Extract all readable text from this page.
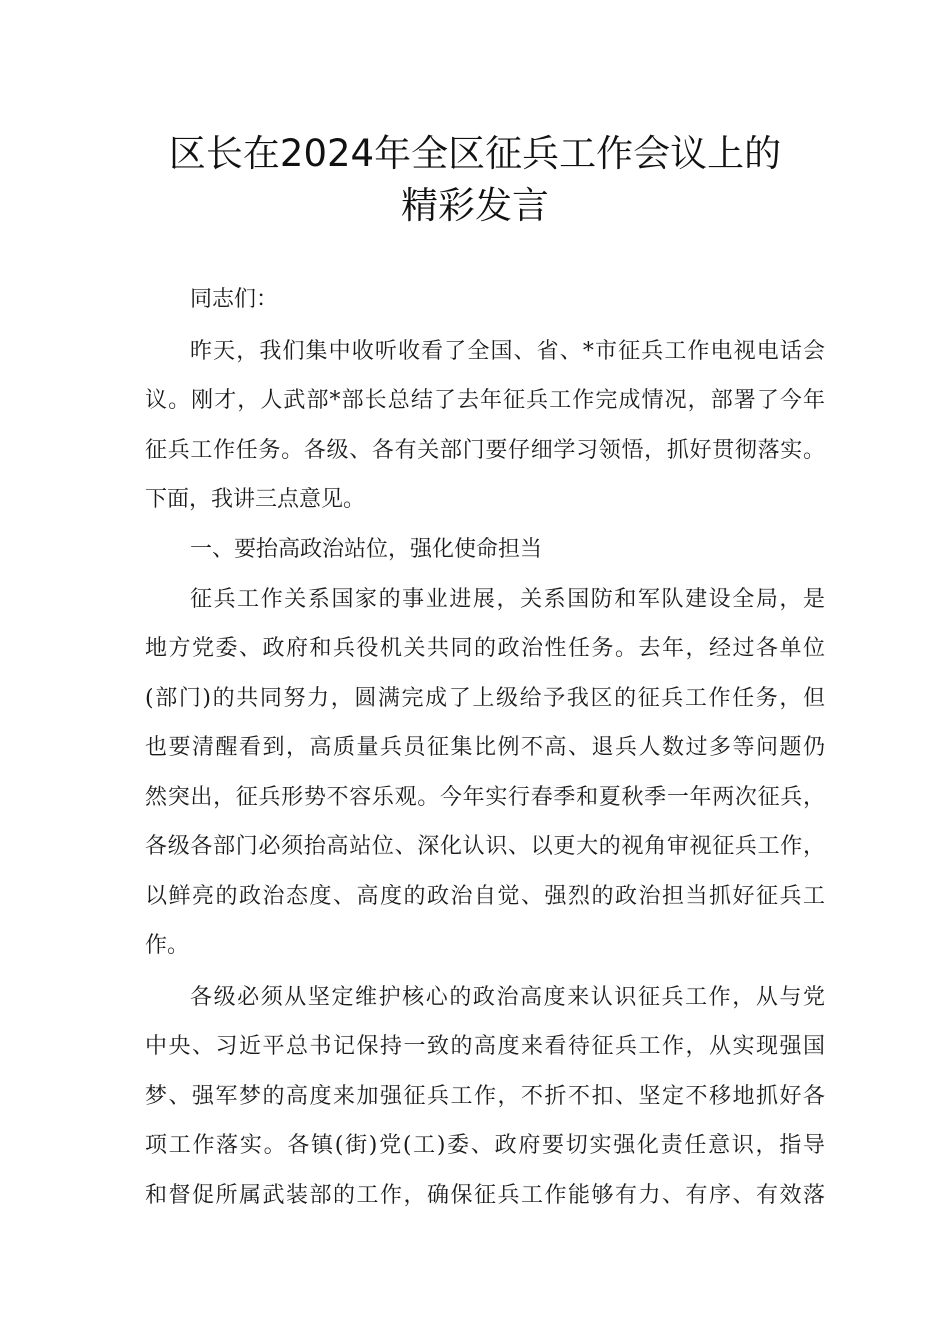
区长在2024年全区征兵工作会议上的
精彩发言
同志们：
昨天，我们集中收听收看了全国、省、*市征兵工作电视电话会
议。刚才，人武部*部长总结了去年征兵工作完成情况，部署了今年
征兵工作任务。各级、各有关部门要仔细学习领悟，抓好贯彻落实。
下面，我讲三点意见。
一、要抬高政治站位，强化使命担当
征兵工作关系国家的事业进展，关系国防和军队建设全局，是
地方党委、政府和兵役机关共同的政治性任务。去年，经过各单位
(部门)的共同努力，圆满完成了上级给予我区的征兵工作任务，但
也要清醒看到，高质量兵员征集比例不高、退兵人数过多等问题仍
然突出，征兵形势不容乐观。今年实行春季和夏秋季一年两次征兵，
各级各部门必须抬高站位、深化认识、以更大的视角审视征兵工作，
以鲜亮的政治态度、高度的政治自觉、强烈的政治担当抓好征兵工
作。
各级必须从坚定维护核心的政治高度来认识征兵工作，从与党
中央、习近平总书记保持一致的高度来看待征兵工作，从实现强国
梦、强军梦的高度来加强征兵工作，不折不扣、坚定不移地抓好各
项工作落实。各镇(街)党(工)委、政府要切实强化责任意识，指导
和督促所属武装部的工作，确保征兵工作能够有力、有序、有效落
